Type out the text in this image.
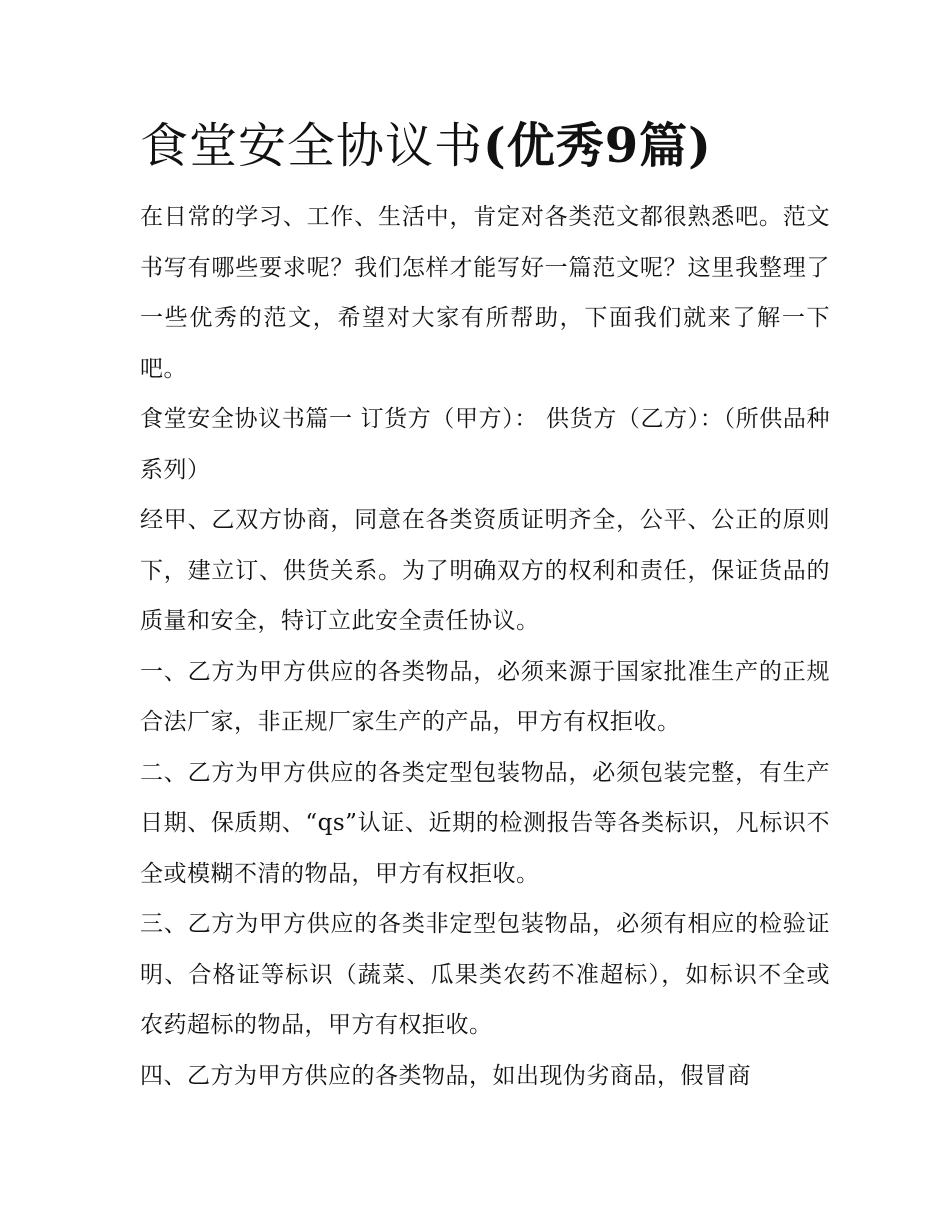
食堂安全协议书(优秀9篇)

在日常的学习、工作、生活中，肯定对各类范文都很熟悉吧。范文书写有哪些要求呢？我们怎样才能写好一篇范文呢？这里我整理了一些优秀的范文，希望对大家有所帮助，下面我们就来了解一下吧。

食堂安全协议书篇一 订货方（甲方）： 供货方（乙方）：（所供品种系列）

经甲、乙双方协商，同意在各类资质证明齐全，公平、公正的原则下，建立订、供货关系。为了明确双方的权利和责任，保证货品的质量和安全，特订立此安全责任协议。

一、乙方为甲方供应的各类物品，必须来源于国家批准生产的正规合法厂家，非正规厂家生产的产品，甲方有权拒收。

二、乙方为甲方供应的各类定型包装物品，必须包装完整，有生产日期、保质期、“qs”认证、近期的检测报告等各类标识，凡标识不全或模糊不清的物品，甲方有权拒收。

三、乙方为甲方供应的各类非定型包装物品，必须有相应的检验证明、合格证等标识（蔬菜、瓜果类农药不准超标），如标识不全或农药超标的物品，甲方有权拒收。

四、乙方为甲方供应的各类物品，如出现伪劣商品，假冒商
